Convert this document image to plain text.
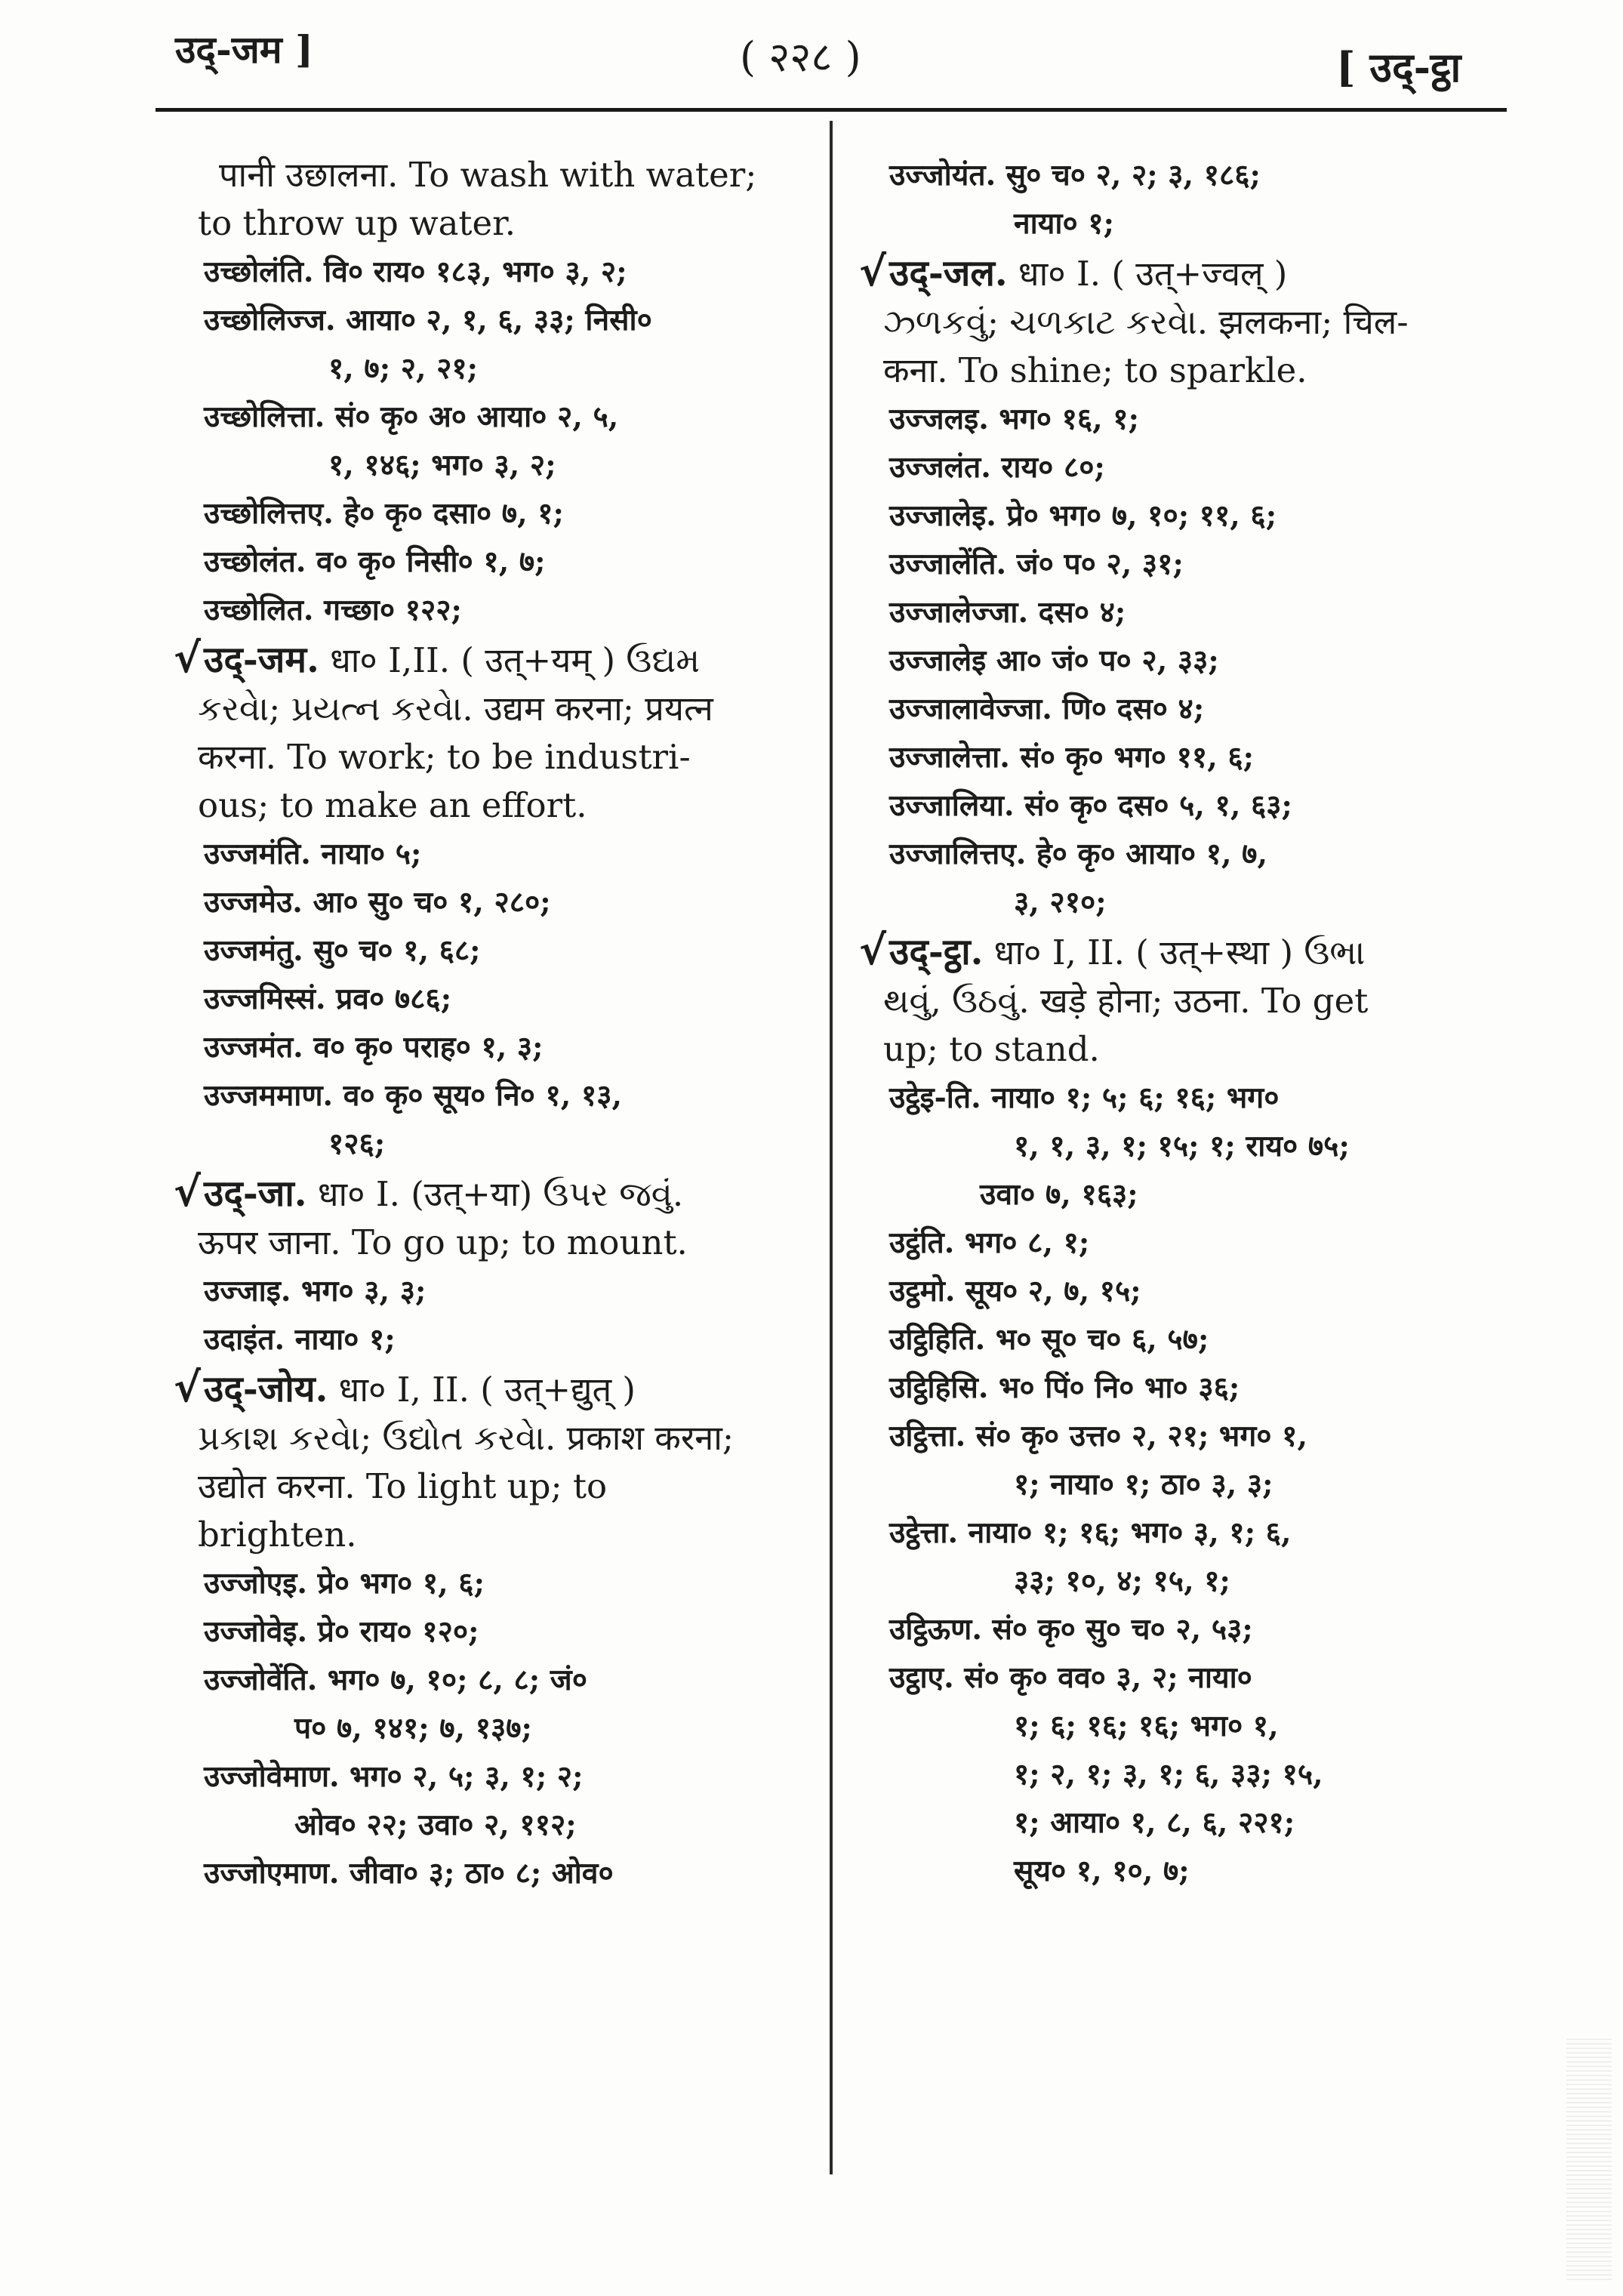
उद्-जम ]	( २२८ )	[ उद्-ट्ठा
पानी उछालना. To wash with water;
to throw up water.
उच्छोलंति. वि० राय० १८३, भग० ३, २;
उच्छोलिज्ज. आया० २, १, ६, ३३; निसी०
१, ७; २, २१;
उच्छोलित्ता. सं० कृ० अ० आया० २, ५,
१, १४६; भग० ३, २;
उच्छोलित्तए. हे० कृ० दसा० ७, १;
उच्छोलंत. व० कृ० निसी० १, ७;
उच्छोलित. गच्छा० १२२;
√उद्-जम. धा० I,II. ( उत्+यम् ) ઉદ્યમ
કરવેા; પ્રયત્ન કરવેા. उद्यम करना; प्रयत्न
करना. To work; to be industri-
ous; to make an effort.
उज्जमंति. नाया० ५;
उज्जमेउ. आ० सु० च० १, २८०;
उज्जमंतु. सु० च० १, ६८;
उज्जमिस्सं. प्रव० ७८६;
उज्जमंत. व० कृ० पराह० १, ३;
उज्जममाण. व० कृ० सूय० नि० १, १३,
१२६;
√उद्-जा. धा० I. (उत्+या) ઉપર જવું.
ऊपर जाना. To go up; to mount.
उज्जाइ. भग० ३, ३;
उदाइंत. नाया० १;
√उद्-जोय. धा० I, II. ( उत्+द्युत् )
પ્રકાશ કરવેા; ઉદ્યોત કરવેા. प्रकाश करना;
उद्योत करना. To light up; to
brighten.
उज्जोएइ. प्रे० भग० १, ६;
उज्जोवेइ. प्रे० राय० १२०;
उज्जोवेंति. भग० ७, १०; ८, ८; जं०
प० ७, १४१; ७, १३७;
उज्जोवेमाण. भग० २, ५; ३, १; २;
ओव० २२; उवा० २, ११२;
उज्जोएमाण. जीवा० ३; ठा० ८; ओव०
उज्जोयंत. सु० च० २, २; ३, १८६;
नाया० १;
√उद्-जल. धा० I. ( उत्+ज्वल् )
ઝ્ળકવું; ચળકાટ કરવેા. झलकना; चिल-
कना. To shine; to sparkle.
उज्जलइ. भग० १६, १;
उज्जलंत. राय० ८०;
उज्जालेइ. प्रे० भग० ७, १०; ११, ६;
उज्जालेंति. जं० प० २, ३१;
उज्जालेज्जा. दस० ४;
उज्जालेइ आ० जं० प० २, ३३;
उज्जालावेज्जा. णि० दस० ४;
उज्जालेत्ता. सं० कृ० भग० ११, ६;
उज्जालिया. सं० कृ० दस० ५, १, ६३;
उज्जालित्तए. हे० कृ० आया० १, ७,
३, २१०;
√उद्-ट्ठा. धा० I, II. ( उत्+स्था ) ઉભા
થવું, ઉઠવું. खड़े होना; उठना. To get
up; to stand.
उट्ठेइ-ति. नाया० १; ५; ६; १६; भग०
१, १, ३, १; १५; १; राय० ७५;
उवा० ७, १६३;
उट्ठंति. भग० ८, १;
उट्ठमो. सूय० २, ७, १५;
उट्ठिहिति. भ० सू० च० ६, ५७;
उट्ठिहिसि. भ० पिं० नि० भा० ३६;
उट्ठित्ता. सं० कृ० उत्त० २, २१; भग० १,
१; नाया० १; ठा० ३, ३;
उट्ठेत्ता. नाया० १; १६; भग० ३, १; ६,
३३; १०, ४; १५, १;
उट्ठिऊण. सं० कृ० सु० च० २, ५३;
उट्ठाए. सं० कृ० वव० ३, २; नाया०
१; ६; १६; १६; भग० १,
१; २, १; ३, १; ६, ३३; १५,
१; आया० १, ८, ६, २२१;
सूय० १, १०, ७;
